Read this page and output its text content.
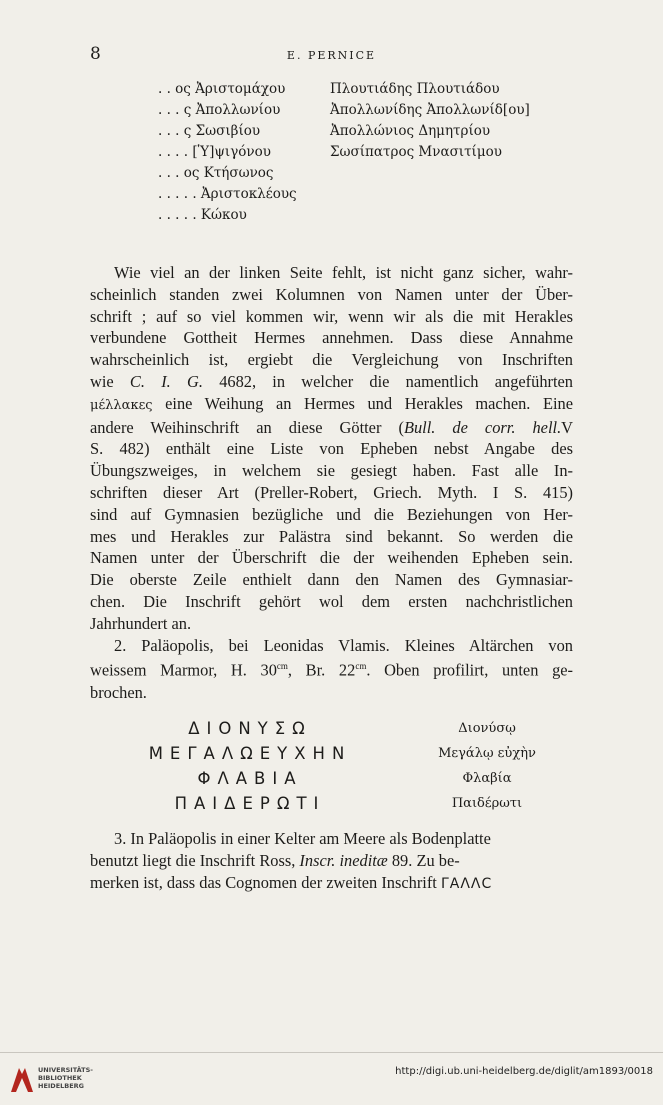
8	E. PERNICE
. . ος Ἀριστομάχου	Πλουτιάδης Πλουτιάδου
. . . ς Ἀπολλωνίου	Ἀπολλωνίδης Ἀπολλωνίδ[ου]
. . . ς Σωσιβίου	Ἀπολλώνιος Δημητρίου
. . . . [Ὑ]ψιγόνου	Σωσίπατρος Μνασιτίμου
. . . ος Κτήσωνος
. . . . . Ἀριστοκλέους
. . . . . Κώκου
Wie viel an der linken Seite fehlt, ist nicht ganz sicher, wahr-
scheinlich standen zwei Kolumnen von Namen unter der Über-
schrift ; auf so viel kommen wir, wenn wir als die mit Herakles
verbundene Gottheit Hermes annehmen. Dass diese Annahme
wahrscheinlich ist, ergiebt die Vergleichung von Inschriften
wie C. I. G. 4682, in welcher die namentlich angeführten
μέλλακες eine Weihung an Hermes und Herakles machen. Eine
andere Weihinschrift an diese Götter (Bull. de corr. hell.V
S. 482) enthält eine Liste von Epheben nebst Angabe des
Übungszweiges, in welchem sie gesiegt haben. Fast alle In-
schriften dieser Art (Preller-Robert, Griech. Myth. I S. 415)
sind auf Gymnasien bezügliche und die Beziehungen von Her-
mes und Herakles zur Palästra sind bekannt. So werden die
Namen unter der Überschrift die der weihenden Epheben sein.
Die oberste Zeile enthielt dann den Namen des Gymnasiar-
chen. Die Inschrift gehört wol dem ersten nachchristlichen
Jahrhundert an.
2. Paläopolis, bei Leonidas Vlamis. Kleines Altärchen von
weissem Marmor, H. $30^{cm}$, Br. $22^{cm}$. Oben profilirt, unten ge-
brochen.
ΔΙΟΝΥΣΩ	Διονύσῳ
ΜΕΓΑΛΩΕΥΧΗΝ	Μεγάλῳ εὐχὴν
ΦΛΑΒΙΑ	Φλαβία
ΠΑΙΔΕΡΩΤΙ	Παιδέρωτι
3. In Paläopolis in einer Kelter am Meere als Bodenplatte
benutzt liegt die Inschrift Ross, Inscr. ineditæ 89. Zu be-
merken ist, dass das Cognomen der zweiten Inschrift ΓΑΛΛC
UNIVERSITÄTS-
BIBLIOTHEK
HEIDELBERG
http://digi.ub.uni-heidelberg.de/diglit/am1893/0018
